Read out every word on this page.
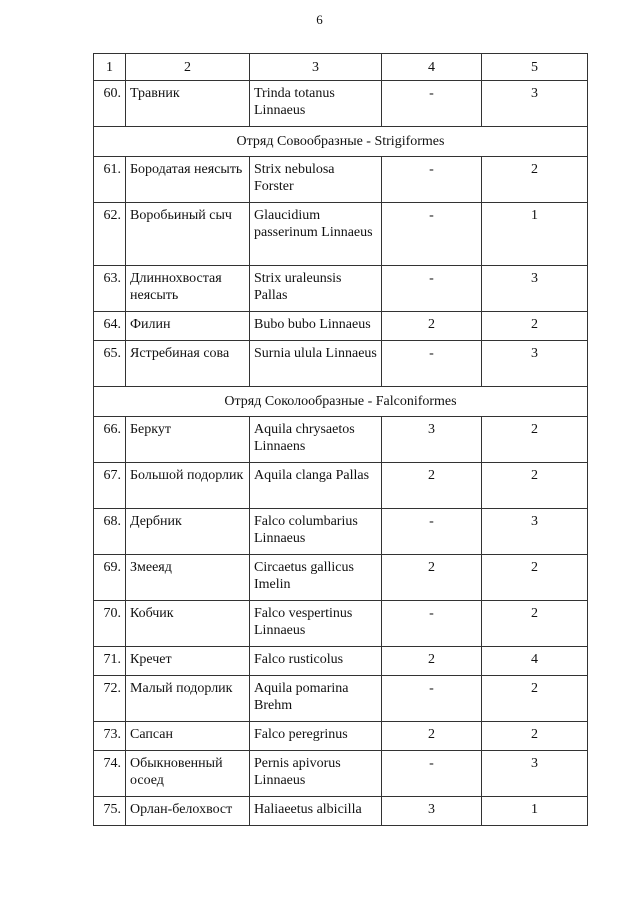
6
1	2	3	4	5
60.	Травник	Trinda totanus Linnaeus	-	3
Отряд Совообразные - Strigiformes				
61.	Бородатая неясыть	Strix nebulosa Forster	-	2
62.	Воробьиный сыч	Glaucidium passerinum Linnaeus	-	1
63.	Длиннохвостая неясыть	Strix uraleunsis Pallas	-	3
64.	Филин	Bubo bubo Linnaeus	2	2
65.	Ястребиная сова	Surnia ulula Linnaeus	-	3
Отряд Соколообразные - Falconiformes				
66.	Беркут	Aquila chrysaetos Linnaens	3	2
67.	Большой подорлик	Aquila clanga Pallas	2	2
68.	Дербник	Falco columbarius Linnaeus	-	3
69.	Змееяд	Circaetus gallicus Imelin	2	2
70.	Кобчик	Falco vespertinus Linnaeus	-	2
71.	Кречет	Falco rusticolus	2	4
72.	Малый подорлик	Aquila pomarina Brehm	-	2
73.	Сапсан	Falco peregrinus	2	2
74.	Обыкновенный осоед	Pernis apivorus Linnaeus	-	3
75.	Орлан-белохвост	Haliaeetus albicilla	3	1
